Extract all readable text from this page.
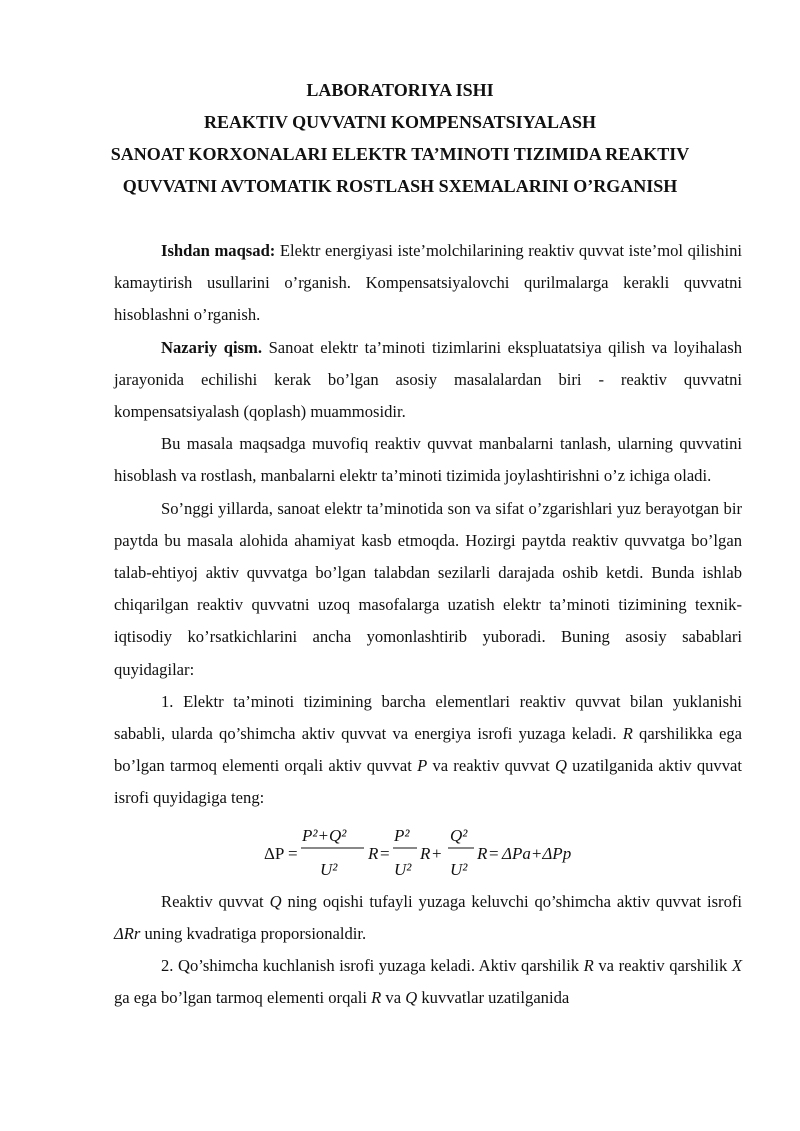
LABORATORIYA ISHI
REAKTIV QUVVATNI KOMPENSATSIYALASH
SANOAT KORXONALARI ELEKTR TA’MINOTI TIZIMIDA REAKTIV
QUVVATNI AVTOMATIK ROSTLASH SXEMALARINI O’RGANISH

Ishdan maqsad: Elektr energiyasi iste’molchilarining reaktiv quvvat iste’mol qilishini kamaytirish usullarini o’rganish. Kompensatsiyalovchi qurilmalarga kerakli quvvatni hisoblashni o’rganish.

Nazariy qism. Sanoat elektr ta’minoti tizimlarini ekspluatatsiya qilish va loyihalash jarayonida echilishi kerak bo’lgan asosiy masalalardan biri - reaktiv quvvatni kompensatsiyalash (qoplash) muammosidir.

Bu masala maqsadga muvofiq reaktiv quvvat manbalarni tanlash, ularning quvvatini hisoblash va rostlash, manbalarni elektr ta’minoti tizimida joylashtirishni o’z ichiga oladi.

So’nggi yillarda, sanoat elektr ta’minotida son va sifat o’zgarishlari yuz berayotgan bir paytda bu masala alohida ahamiyat kasb etmoqda. Hozirgi paytda reaktiv quvvatga bo’lgan talab-ehtiyoj aktiv quvvatga bo’lgan talabdan sezilarli darajada oshib ketdi. Bunda ishlab chiqarilgan reaktiv quvvatni uzoq masofalarga uzatish elektr ta’minoti tizimining texnik-iqtisodiy ko’rsatkichlarini ancha yomonlashtirib yuboradi. Buning asosiy sabablari quyidagilar:

1. Elektr ta’minoti tizimining barcha elementlari reaktiv quvvat bilan yuklanishi sababli, ularda qo’shimcha aktiv quvvat va energiya isrofi yuzaga keladi. R qarshilikka ega bo’lgan tarmoq elementi orqali aktiv quvvat P va reaktiv quvvat Q uzatilganida aktiv quvvat isrofi quyidagiga teng:

ΔP =
P²+Q²
U²
R =
P²
U²
R +
Q²
U²
R = ΔPa+ΔPp

Reaktiv quvvat Q ning oqishi tufayli yuzaga keluvchi qo’shimcha aktiv quvvat isrofi ΔRr uning kvadratiga proporsionaldir.

2. Qo’shimcha kuchlanish isrofi yuzaga keladi. Aktiv qarshilik R va reaktiv qarshilik X ga ega bo’lgan tarmoq elementi orqali R va Q kuvvatlar uzatilganida
